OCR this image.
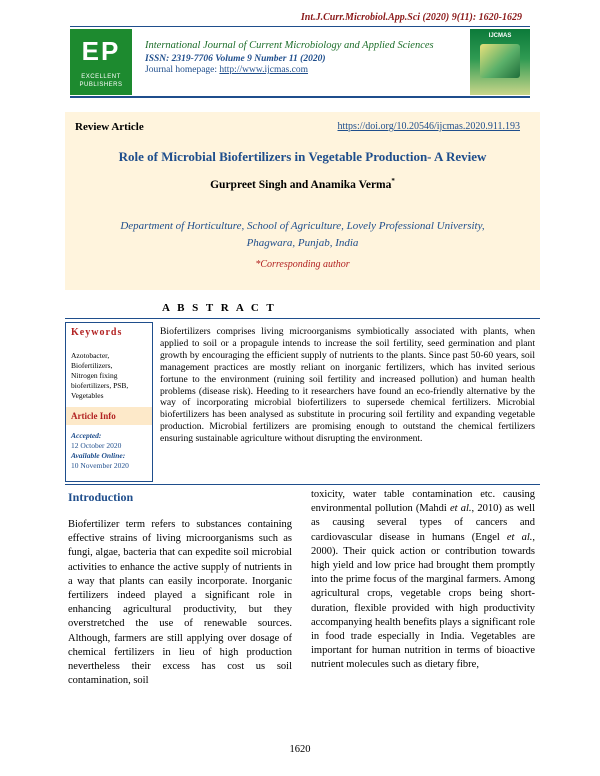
Int.J.Curr.Microbiol.App.Sci (2020) 9(11): 1620-1629
EP
EXCELLENT PUBLISHERS
International Journal of Current Microbiology and Applied Sciences
ISSN: 2319-7706 Volume 9 Number 11 (2020)
Journal homepage: http://www.ijcmas.com
IJCMAS
Review Article	https://doi.org/10.20546/ijcmas.2020.911.193
Role of Microbial Biofertilizers in Vegetable Production- A Review
Gurpreet Singh and Anamika Verma*
Department of Horticulture, School of Agriculture, Lovely Professional University,
Phagwara, Punjab, India
*Corresponding author
A B S T R A C T
Keywords
Azotobacter,
Biofertilizers,
Nitrogen fixing
biofertilizers, PSB,
Vegetables
Article Info
Accepted:
12 October 2020
Available Online:
10 November 2020
Biofertilizers comprises living microorganisms symbiotically associated with plants, when applied to soil or a propagule intends to increase the soil fertility, seed germination and plant growth by encouraging the efficient supply of nutrients to the plants. Since past 50-60 years, soil management practices are mostly reliant on inorganic fertilizers, which has invited serious fortune to the environment (ruining soil fertility and increased pollution) and human health problems (disease risk). Heeding to it researchers have found an eco-friendly alternative by the way of incorporating microbial biofertilizers to supersede chemical fertilizers. Microbial biofertilizers has been analysed as substitute in procuring soil fertility and expanding vegetable production. Microbial fertilizers are promising enough to outstand the chemical fertilizers ensuring sustainable agriculture without disrupting the environment.
Introduction
Biofertilizer term refers to substances containing effective strains of living microorganisms such as fungi, algae, bacteria that can expedite soil microbial activities to enhance the active supply of nutrients in a way that plants can easily incorporate. Inorganic fertilizers indeed played a significant role in enhancing agricultural productivity, but they overstretched the use of renewable sources. Although, farmers are still applying over dosage of chemical fertilizers in lieu of high production nevertheless their excess has cost us soil contamination, soil
toxicity, water table contamination etc. causing environmental pollution (Mahdi et al., 2010) as well as causing several types of cancers and cardiovascular disease in humans (Engel et al., 2000). Their quick action or contribution towards high yield and low price had brought them promptly into the prime focus of the marginal farmers. Among agricultural crops, vegetable crops being short-duration, flexible provided with high productivity accompanying health benefits plays a significant role in food trade especially in India. Vegetables are important for human nutrition in terms of bioactive nutrient molecules such as dietary fibre,
1620
